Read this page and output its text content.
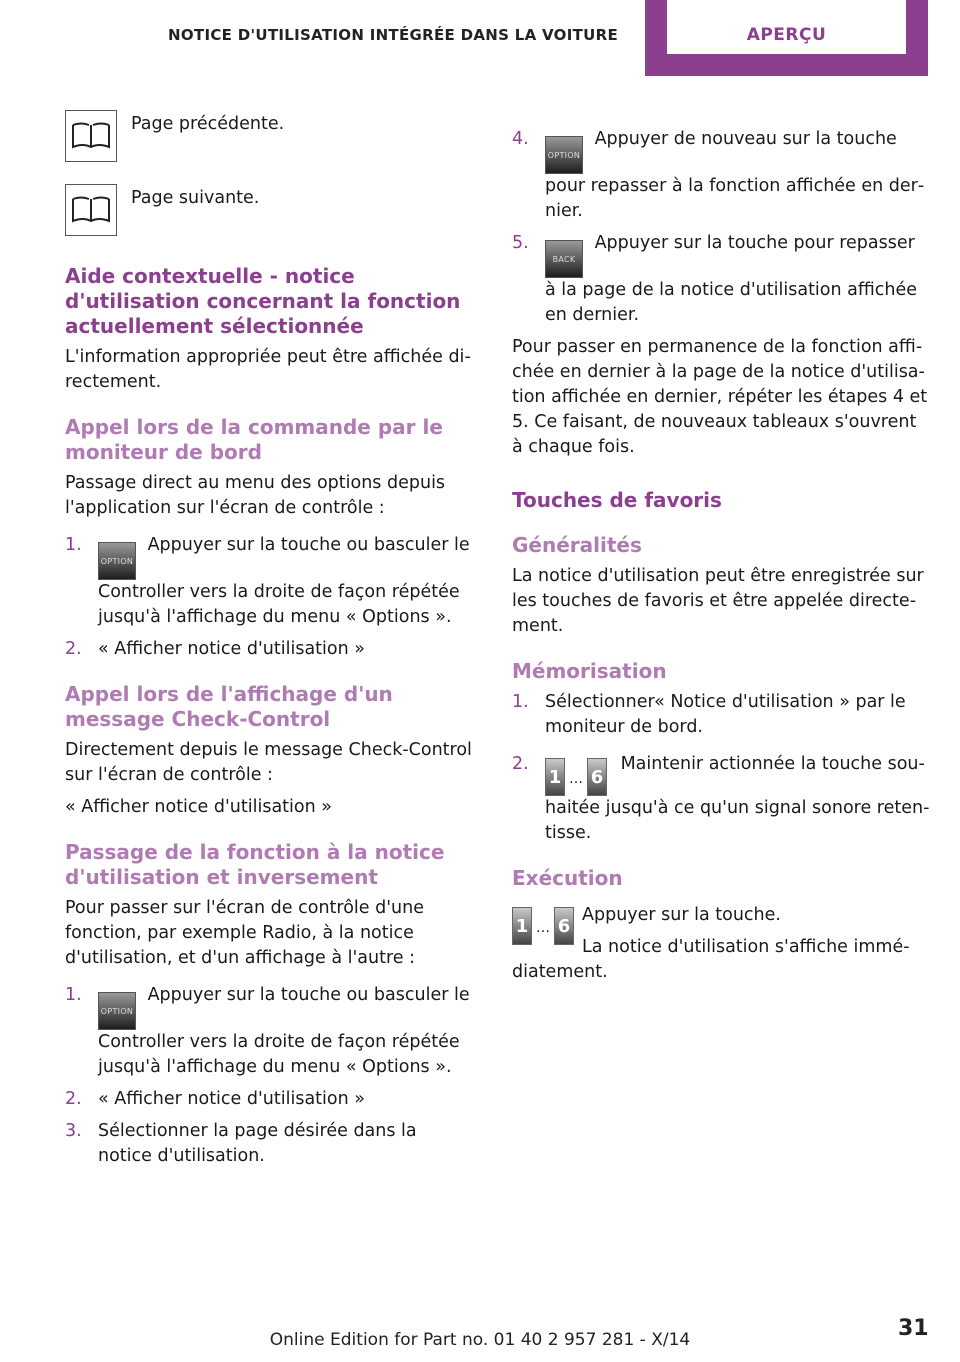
NOTICE D'UTILISATION INTÉGRÉE DANS LA VOITURE	APERÇU

Page précédente.

Page suivante.

Aide contextuelle - notice d'utilisation concernant la fonction actuellement sélectionnée

L'information appropriée peut être affichée directement.

Appel lors de la commande par le moniteur de bord

Passage direct au menu des options depuis l'application sur l'écran de contrôle :

1.
OPTION Appuyer sur la touche ou basculer le Controller vers la droite de façon répétée jusqu'à l'affichage du menu « Options ».
2. « Afficher notice d'utilisation »
Appel lors de l'affichage d'un message Check-Control

Directement depuis le message Check-Control sur l'écran de contrôle :

« Afficher notice d'utilisation »

Passage de la fonction à la notice d'utilisation et inversement

Pour passer sur l'écran de contrôle d'une fonction, par exemple Radio, à la notice d'utilisation, et d'un affichage à l'autre :

1.
OPTION Appuyer sur la touche ou basculer le Controller vers la droite de façon répétée jusqu'à l'affichage du menu « Options ».
2. « Afficher notice d'utilisation »
3. Sélectionner la page désirée dans la notice d'utilisation.
4.
OPTION Appuyer de nouveau sur la touche pour repasser à la fonction affichée en dernier.
5.
BACK Appuyer sur la touche pour repasser à la page de la notice d'utilisation affichée en dernier.

Pour passer en permanence de la fonction affichée en dernier à la page de la notice d'utilisation affichée en dernier, répéter les étapes 4 et 5. Ce faisant, de nouveaux tableaux s'ouvrent à chaque fois.

Touches de favoris
Généralités

La notice d'utilisation peut être enregistrée sur les touches de favoris et être appelée directement.

Mémorisation
1. Sélectionner« Notice d'utilisation » par le moniteur de bord.
2.
1 … 6 Maintenir actionnée la touche souhaitée jusqu'à ce qu'un signal sonore retentisse.
Exécution
1 … 6

Appuyer sur la touche.

La notice d'utilisation s'affiche immédiatement.

Online Edition for Part no. 01 40 2 957 281 - X/14	31
